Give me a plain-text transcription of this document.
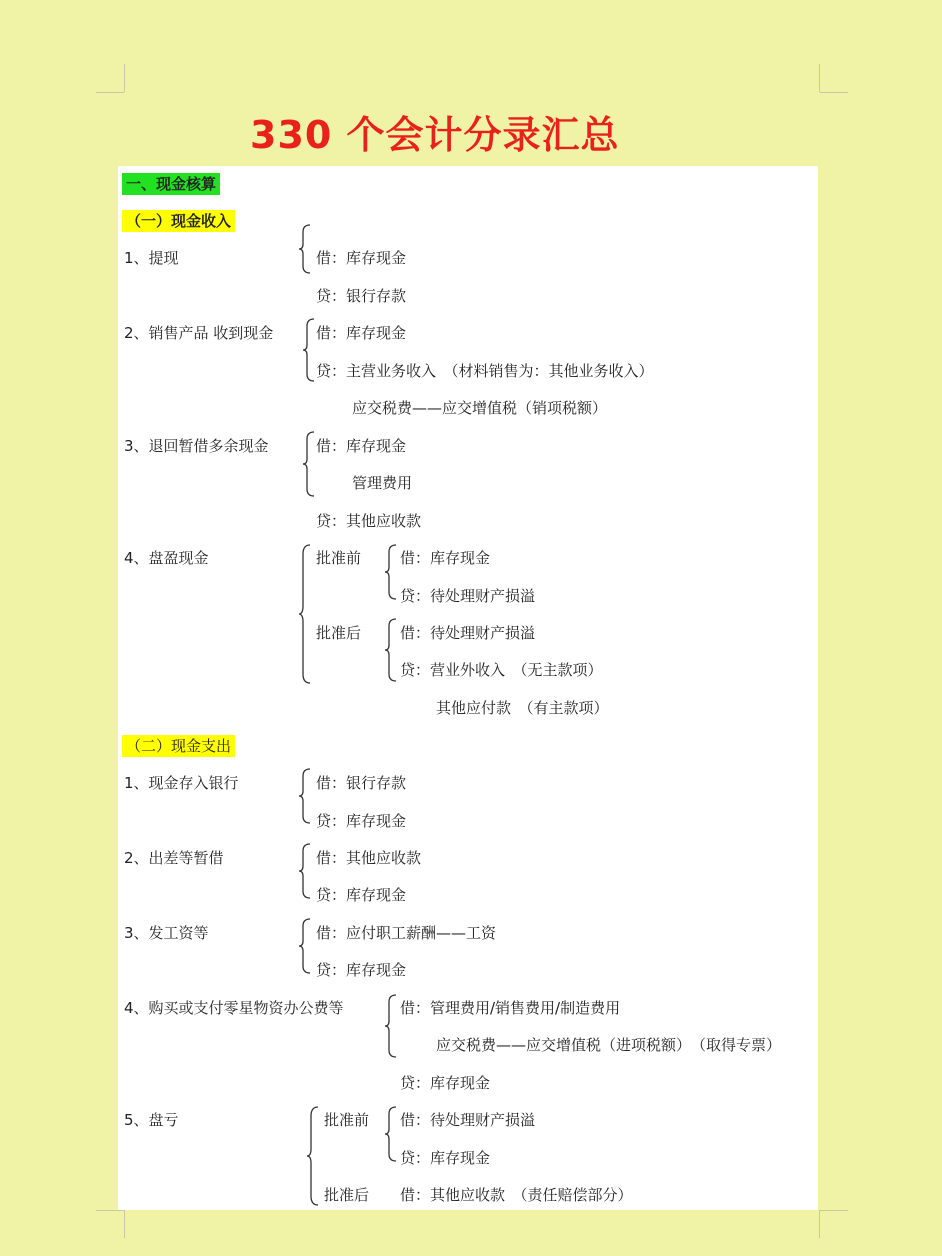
330 个会计分录汇总
一、现金核算
（一）现金收入
1、提现	借：库存现金
贷：银行存款
2、销售产品 收到现金	借：库存现金
贷：主营业务收入　（材料销售为：其他业务收入）
应交税费——应交增值税（销项税额）
3、退回暂借多余现金	借：库存现金
管理费用
贷：其他应收款
4、盘盈现金	批准前	借：库存现金
贷：待处理财产损溢
批准后	借：待处理财产损溢
贷：营业外收入　（无主款项）
其他应付款　（有主款项）
（二）现金支出
1、现金存入银行	借：银行存款
贷：库存现金
2、出差等暂借	借：其他应收款
贷：库存现金
3、发工资等	借：应付职工薪酬——工资
贷：库存现金
4、购买或支付零星物资办公费等	借：管理费用/销售费用/制造费用
应交税费——应交增值税（进项税额）　（取得专票）
贷：库存现金
5、盘亏	批准前 借：待处理财产损溢
贷：库存现金
批准后 借：其他应收款　（责任赔偿部分）
